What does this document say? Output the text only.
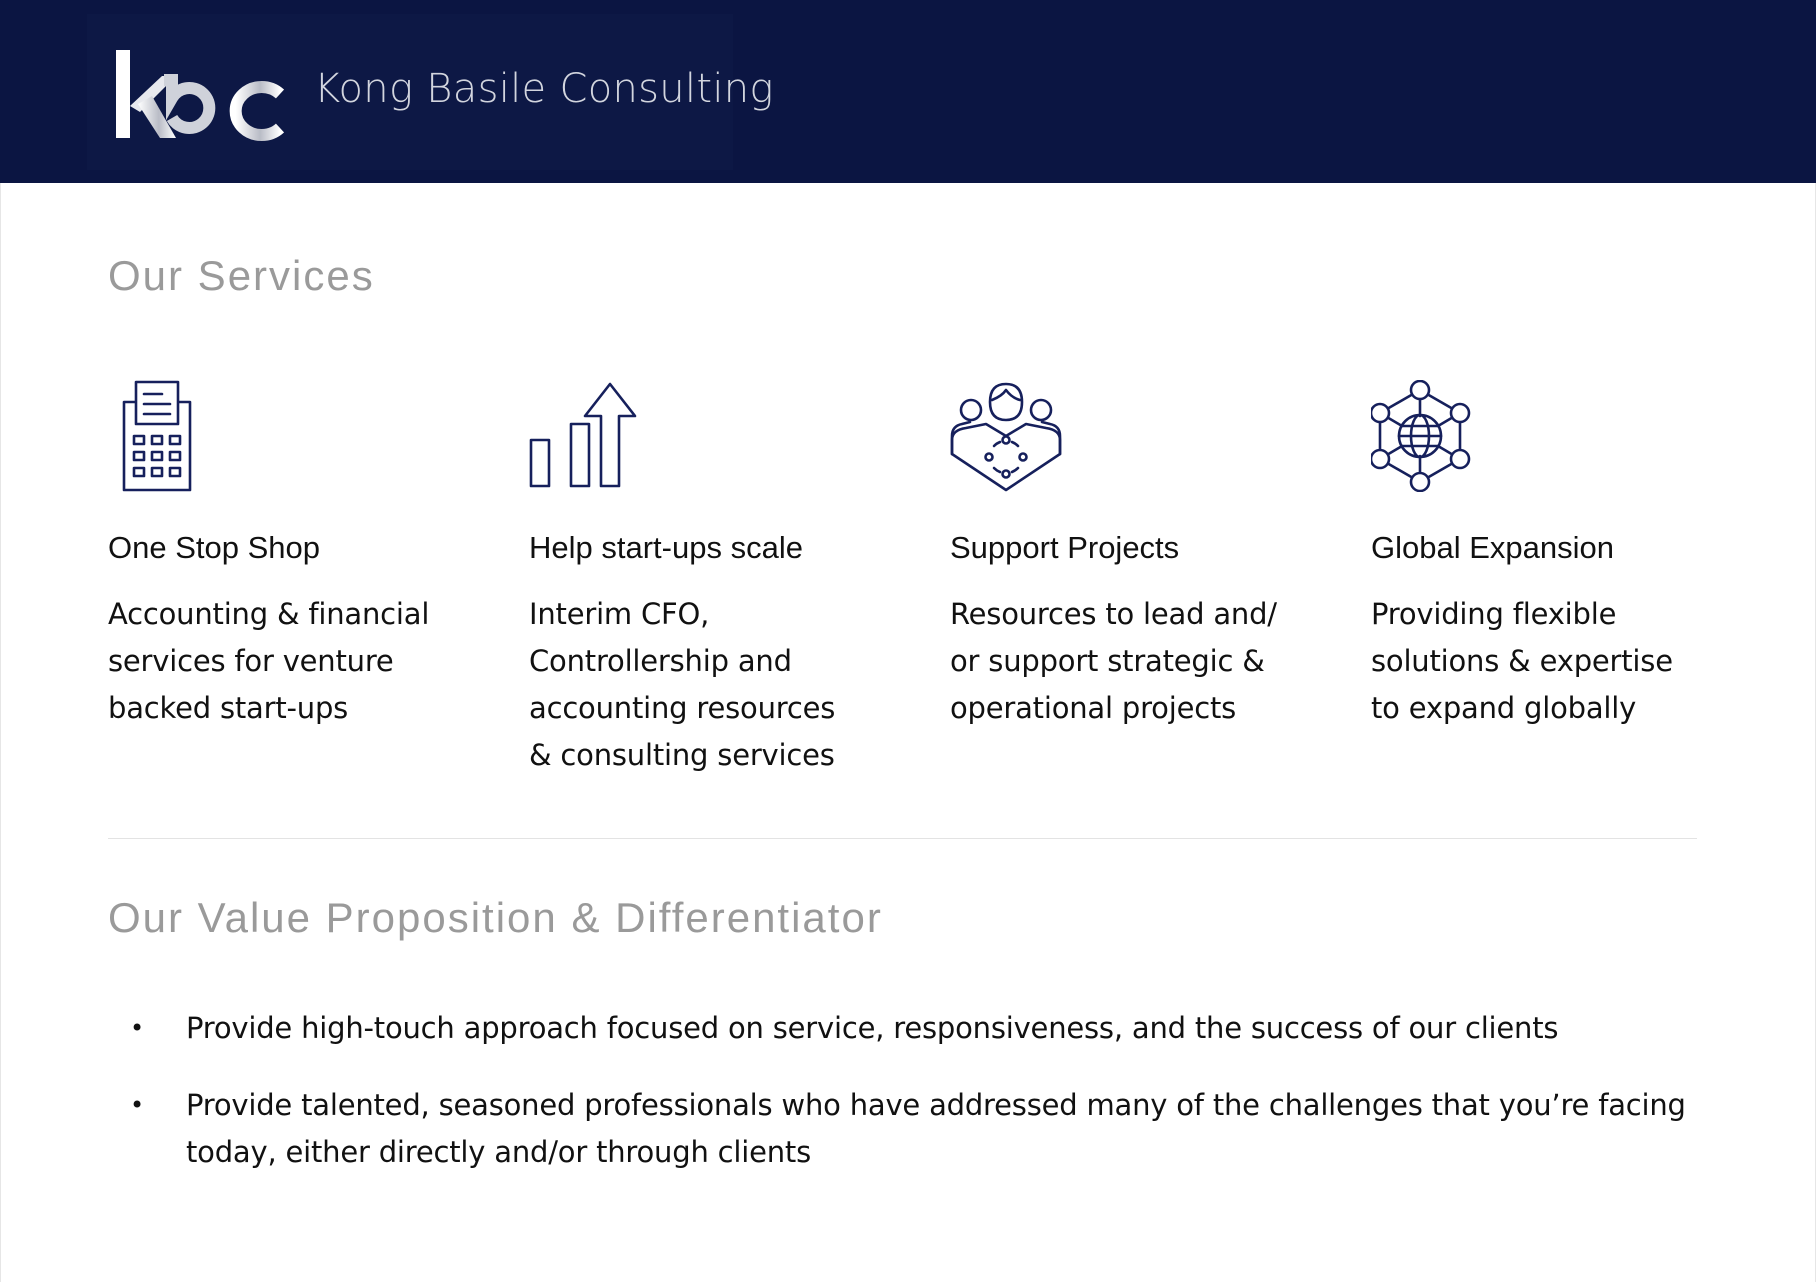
Kong Basile Consulting
Our Services
One Stop Shop
Accounting & financial
services for venture
backed start-ups
Help start-ups scale
Interim CFO,
Controllership and
accounting resources
& consulting services
Support Projects
Resources to lead and/
or support strategic &
operational projects
Global Expansion
Providing flexible
solutions & expertise
to expand globally
Our Value Proposition & Differentiator
• Provide high-touch approach focused on service, responsiveness, and the success of our clients
• Provide talented, seasoned professionals who have addressed many of the challenges that you’re facing
today, either directly and/or through clients
